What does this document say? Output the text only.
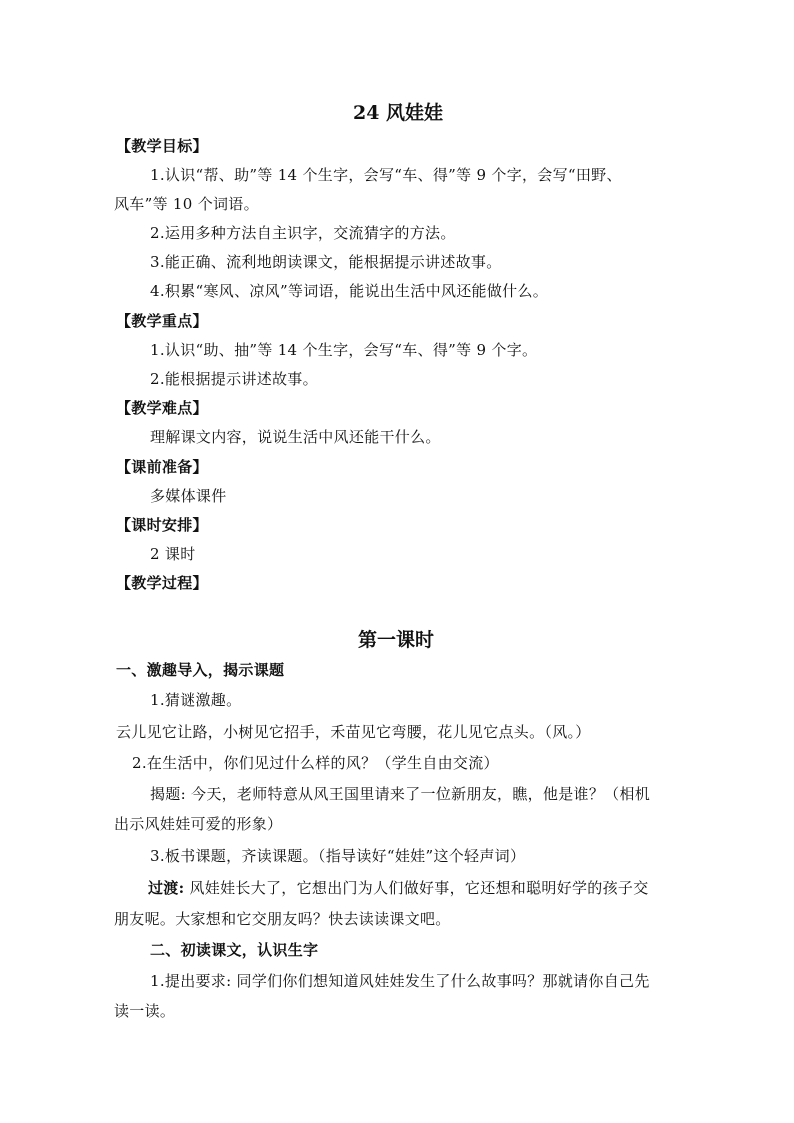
24 风娃娃
【教学目标】
1.认识“帮、助”等 14 个生字，会写“车、得”等 9 个字，会写“田野、
风车”等 10 个词语。
2.运用多种方法自主识字，交流猜字的方法。
3.能正确、流利地朗读课文，能根据提示讲述故事。
4.积累“寒风、凉风”等词语，能说出生活中风还能做什么。
【教学重点】
1.认识“助、抽”等 14 个生字，会写“车、得”等 9 个字。
2.能根据提示讲述故事。
【教学难点】
理解课文内容，说说生活中风还能干什么。
【课前准备】
多媒体课件
【课时安排】
2 课时
【教学过程】
第一课时
一、激趣导入，揭示课题
1.猜谜激趣。
云儿见它让路，小树见它招手，禾苗见它弯腰，花儿见它点头。（风。）
2.在生活中，你们见过什么样的风？（学生自由交流）
揭题: 今天，老师特意从风王国里请来了一位新朋友，瞧，他是谁？（相机
出示风娃娃可爱的形象）
3.板书课题，齐读课题。（指导读好“娃娃”这个轻声词）
过渡: 风娃娃长大了，它想出门为人们做好事，它还想和聪明好学的孩子交
朋友呢。大家想和它交朋友吗？快去读读课文吧。
二、初读课文，认识生字
1.提出要求: 同学们你们想知道风娃娃发生了什么故事吗？那就请你自己先
读一读。
